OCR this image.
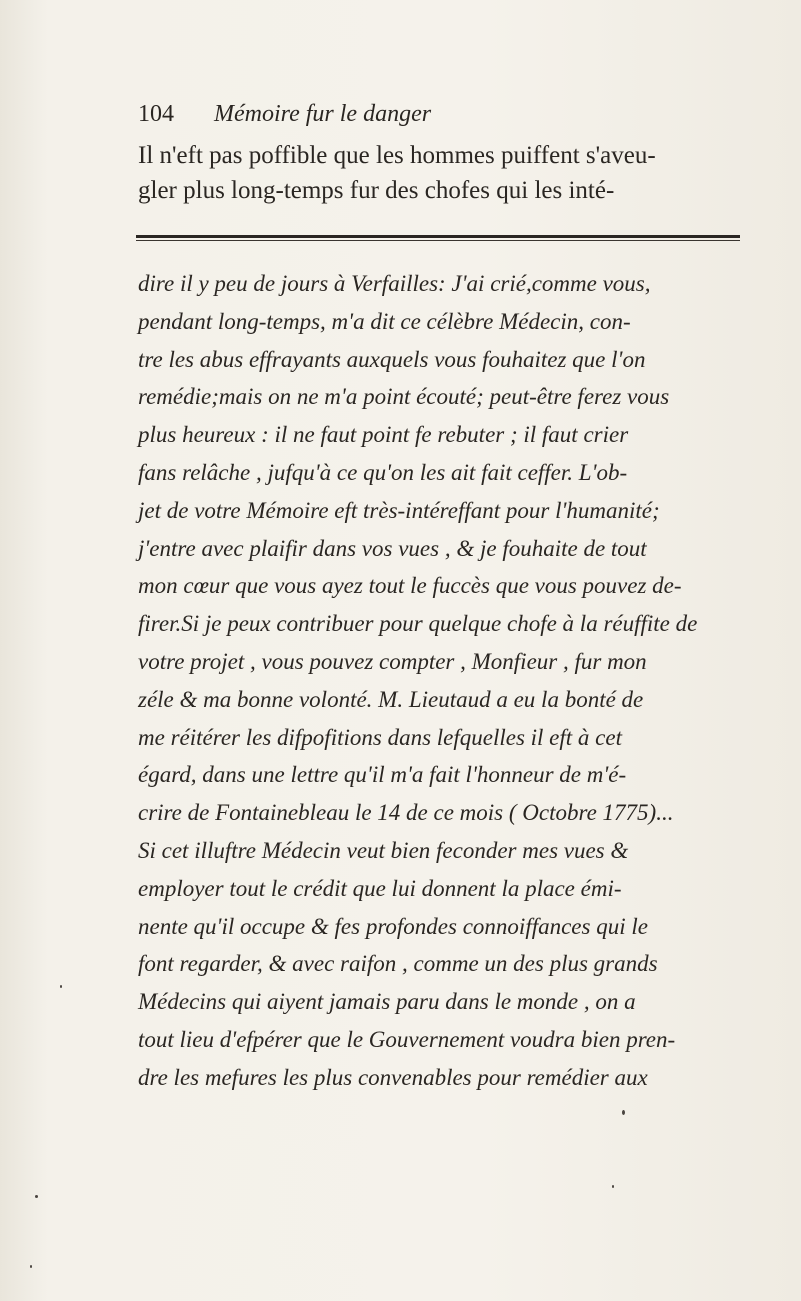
104 Mémoire fur le danger
Il n'eft pas poffible que les hommes puiffent s'aveu-
gler plus long-temps fur des chofes qui les inté-
dire il y peu de jours à Verfailles: J'ai crié,comme vous,
pendant long-temps, m'a dit ce célèbre Médecin, con-
tre les abus effrayants auxquels vous fouhaitez que l'on
remédie;mais on ne m'a point écouté; peut-être ferez vous
plus heureux : il ne faut point fe rebuter ; il faut crier
fans relâche , jufqu'à ce qu'on les ait fait ceffer. L'ob-
jet de votre Mémoire eft très-intéreffant pour l'humanité;
j'entre avec plaifir dans vos vues , & je fouhaite de tout
mon cœur que vous ayez tout le fuccès que vous pouvez de-
firer.Si je peux contribuer pour quelque chofe à la réuffite de
votre projet , vous pouvez compter , Monfieur , fur mon
zéle & ma bonne volonté. M. Lieutaud a eu la bonté de
me réitérer les difpofitions dans lefquelles il eft à cet
égard, dans une lettre qu'il m'a fait l'honneur de m'é-
crire de Fontainebleau le 14 de ce mois ( Octobre 1775)...
Si cet illuftre Médecin veut bien feconder mes vues &
employer tout le crédit que lui donnent la place émi-
nente qu'il occupe & fes profondes connoiffances qui le
font regarder, & avec raifon , comme un des plus grands
Médecins qui aiyent jamais paru dans le monde , on a
tout lieu d'efpérer que le Gouvernement voudra bien pren-
dre les mefures les plus convenables pour remédier aux
